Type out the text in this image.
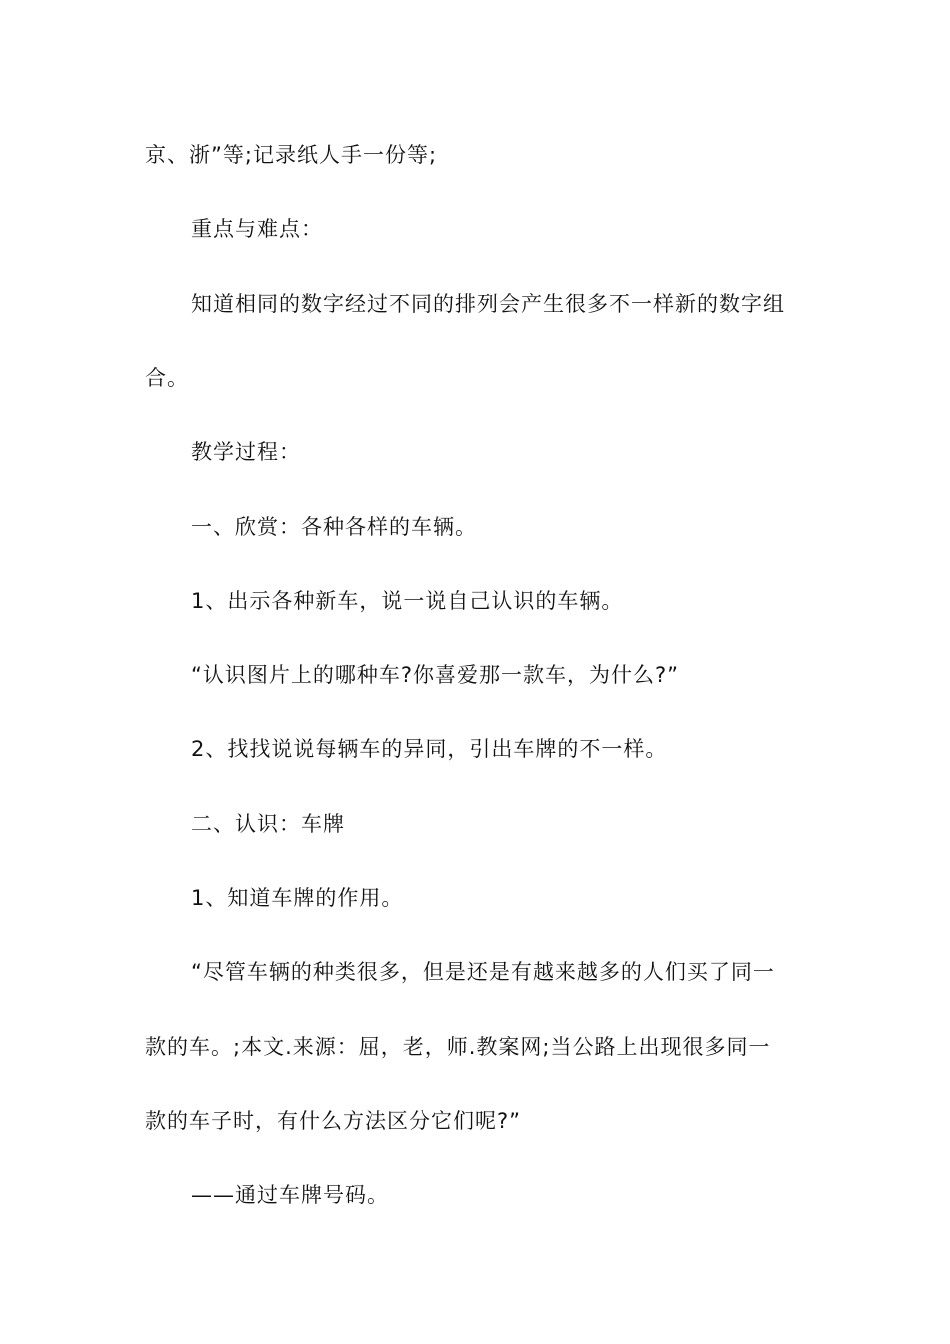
京、浙”等;记录纸人手一份等;
重点与难点：
知道相同的数字经过不同的排列会产生很多不一样新的数字组
合。
教学过程：
一、欣赏：各种各样的车辆。
1、出示各种新车，说一说自己认识的车辆。
“认识图片上的哪种车?你喜爱那一款车，为什么?”
2、找找说说每辆车的异同，引出车牌的不一样。
二、认识：车牌
1、知道车牌的作用。
“尽管车辆的种类很多，但是还是有越来越多的人们买了同一
款的车。;本文.来源：屈，老，师.教案网;当公路上出现很多同一
款的车子时，有什么方法区分它们呢?”
——通过车牌号码。
